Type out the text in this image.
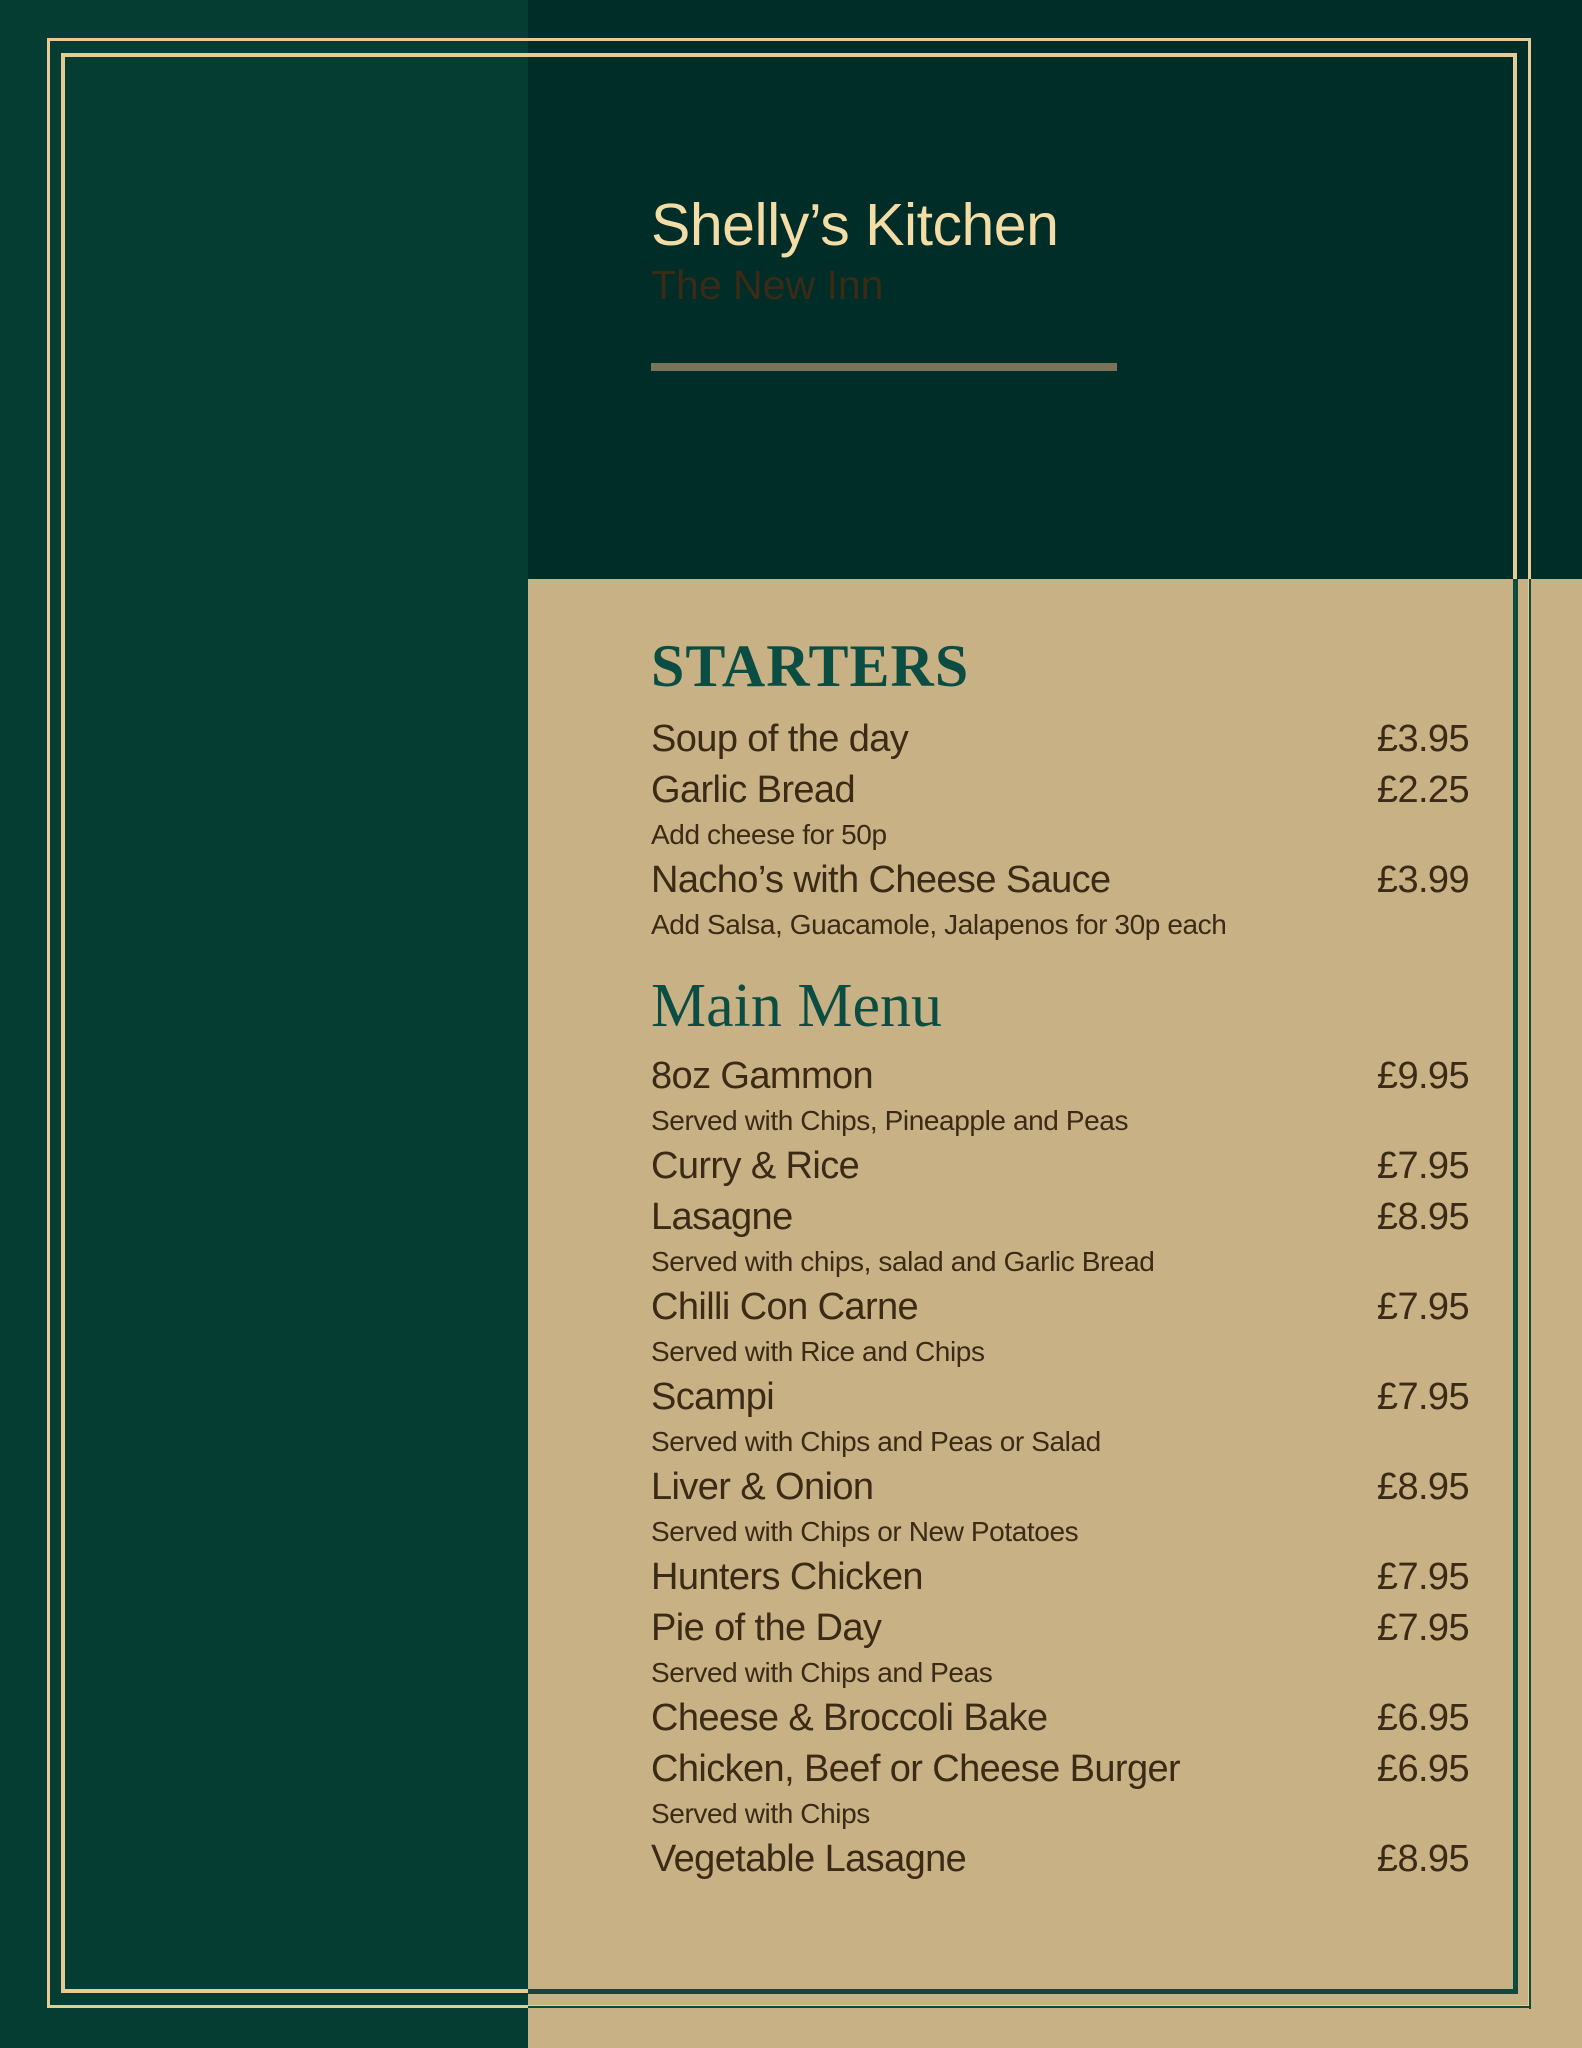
Shelly’s Kitchen
The New Inn
STARTERS
Soup of the day	£3.95
Garlic Bread	£2.25
Add cheese for 50p
Nacho’s with Cheese Sauce	£3.99
Add Salsa, Guacamole, Jalapenos for 30p each
Main Menu
8oz Gammon	£9.95
Served with Chips, Pineapple and Peas
Curry & Rice	£7.95
Lasagne	£8.95
Served with chips, salad and Garlic Bread
Chilli Con Carne	£7.95
Served with Rice and Chips
Scampi	£7.95
Served with Chips and Peas or Salad
Liver & Onion	£8.95
Served with Chips or New Potatoes
Hunters Chicken	£7.95
Pie of the Day	£7.95
Served with Chips and Peas
Cheese & Broccoli Bake	£6.95
Chicken, Beef or Cheese Burger	£6.95
Served with Chips
Vegetable Lasagne	£8.95
